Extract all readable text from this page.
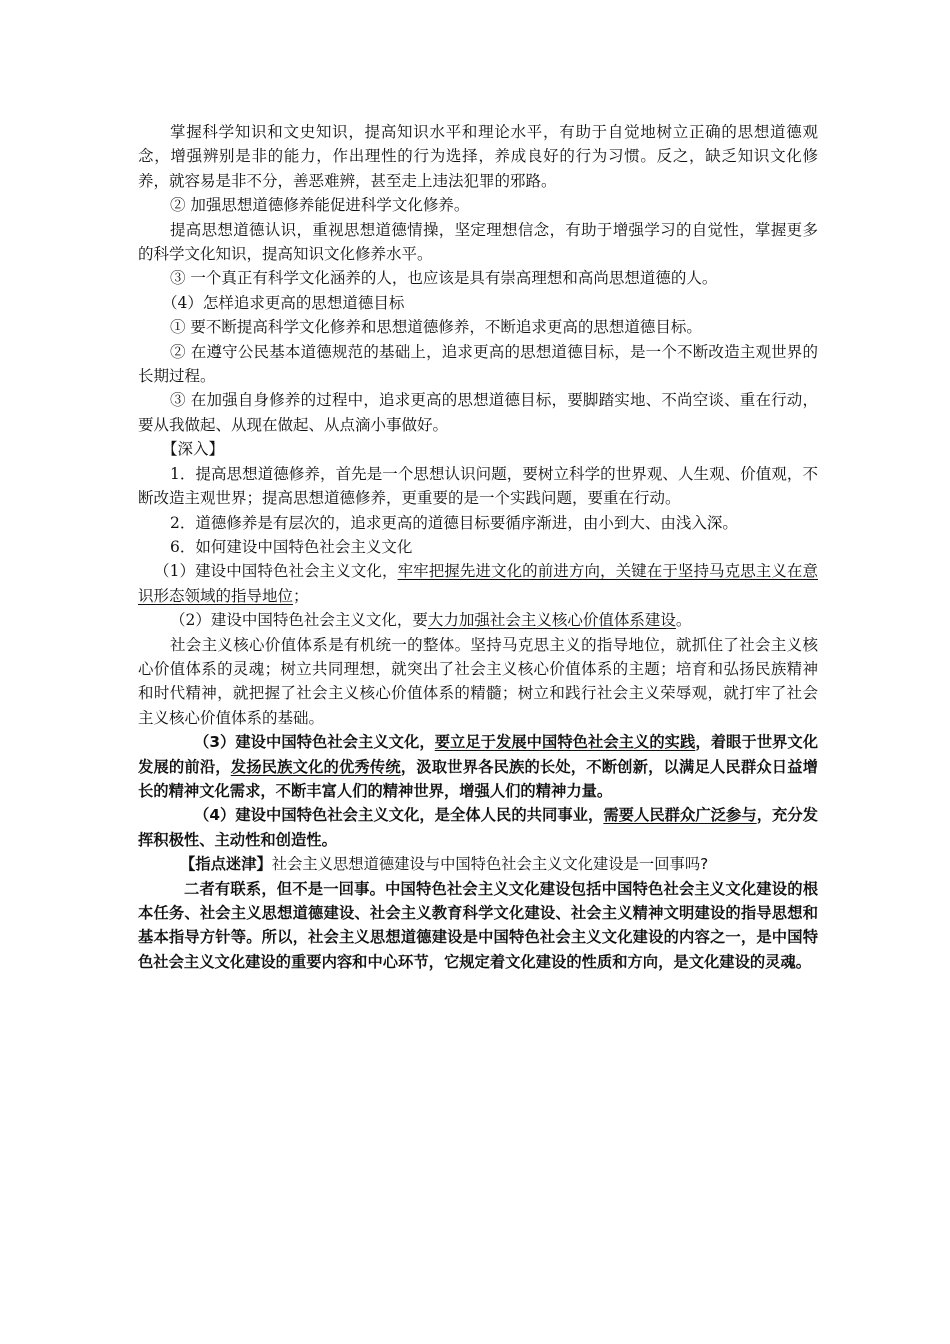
掌握科学知识和文史知识，提高知识水平和理论水平，有助于自觉地树立正确的思想道德观念，增强辨别是非的能力，作出理性的行为选择，养成良好的行为习惯。反之，缺乏知识文化修养，就容易是非不分，善恶难辨，甚至走上违法犯罪的邪路。

② 加强思想道德修养能促进科学文化修养。

提高思想道德认识，重视思想道德情操，坚定理想信念，有助于增强学习的自觉性，掌握更多的科学文化知识，提高知识文化修养水平。

③ 一个真正有科学文化涵养的人，也应该是具有崇高理想和高尚思想道德的人。

（4）怎样追求更高的思想道德目标

① 要不断提高科学文化修养和思想道德修养，不断追求更高的思想道德目标。

② 在遵守公民基本道德规范的基础上，追求更高的思想道德目标，是一个不断改造主观世界的长期过程。

③ 在加强自身修养的过程中，追求更高的思想道德目标，要脚踏实地、不尚空谈、重在行动，要从我做起、从现在做起、从点滴小事做好。

【深入】

1．提高思想道德修养，首先是一个思想认识问题，要树立科学的世界观、人生观、价值观，不断改造主观世界；提高思想道德修养，更重要的是一个实践问题，要重在行动。

2．道德修养是有层次的，追求更高的道德目标要循序渐进，由小到大、由浅入深。

6．如何建设中国特色社会主义文化

（1）建设中国特色社会主义文化，牢牢把握先进文化的前进方向，关键在于坚持马克思主义在意识形态领域的指导地位；

（2）建设中国特色社会主义文化，要大力加强社会主义核心价值体系建设。

社会主义核心价值体系是有机统一的整体。坚持马克思主义的指导地位，就抓住了社会主义核心价值体系的灵魂；树立共同理想，就突出了社会主义核心价值体系的主题；培育和弘扬民族精神和时代精神，就把握了社会主义核心价值体系的精髓；树立和践行社会主义荣辱观，就打牢了社会主义核心价值体系的基础。

（3）建设中国特色社会主义文化，要立足于发展中国特色社会主义的实践，着眼于世界文化发展的前沿，发扬民族文化的优秀传统，汲取世界各民族的长处，不断创新，以满足人民群众日益增长的精神文化需求，不断丰富人们的精神世界，增强人们的精神力量。

（4）建设中国特色社会主义文化，是全体人民的共同事业，需要人民群众广泛参与，充分发挥积极性、主动性和创造性。

【指点迷津】社会主义思想道德建设与中国特色社会主义文化建设是一回事吗?

二者有联系，但不是一回事。中国特色社会主义文化建设包括中国特色社会主义文化建设的根本任务、社会主义思想道德建设、社会主义教育科学文化建设、社会主义精神文明建设的指导思想和基本指导方针等。所以，社会主义思想道德建设是中国特色社会主义文化建设的内容之一，是中国特色社会主义文化建设的重要内容和中心环节，它规定着文化建设的性质和方向，是文化建设的灵魂。
